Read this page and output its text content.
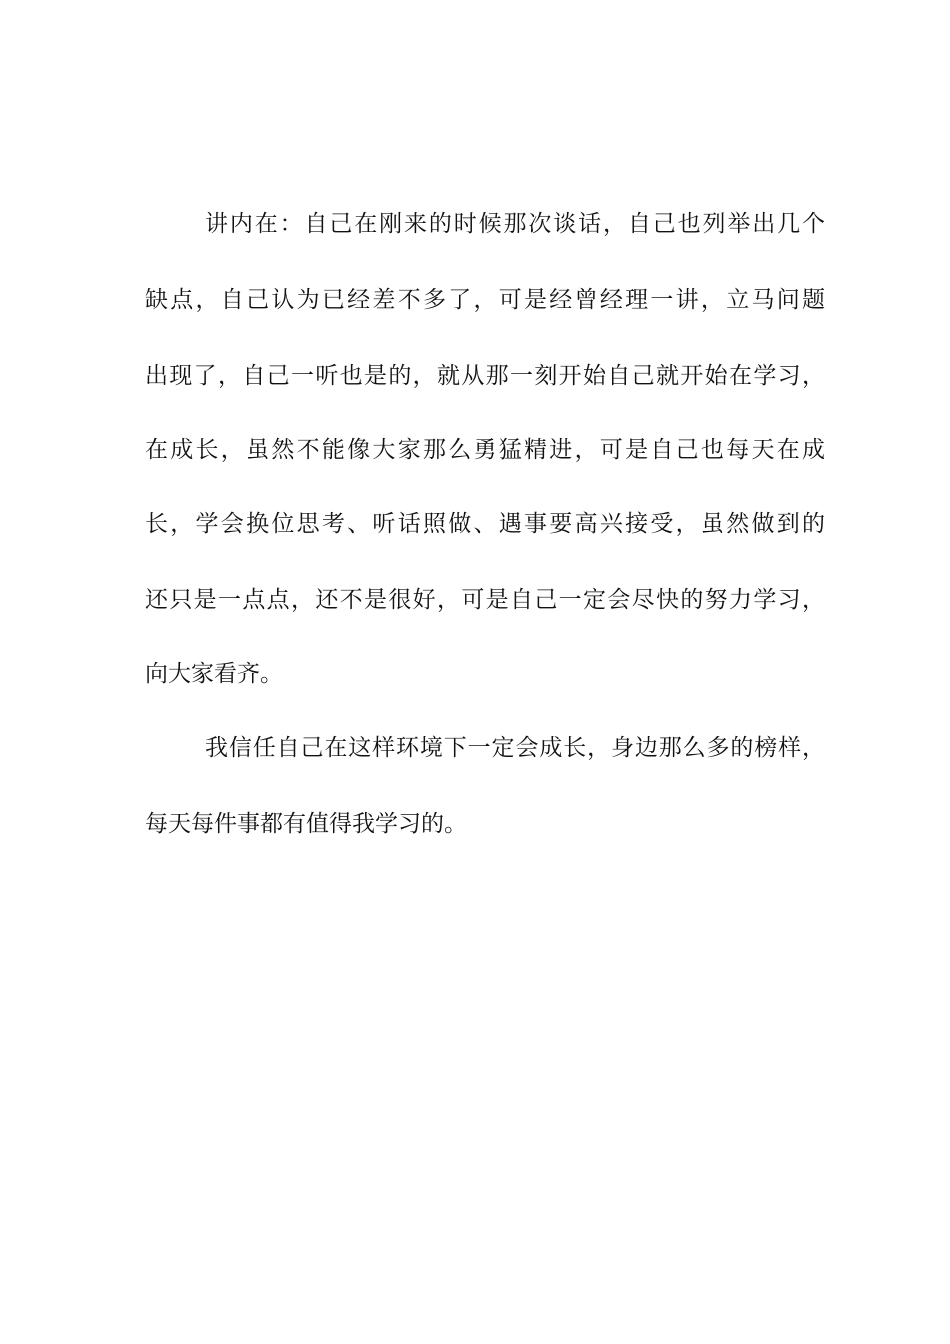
讲内在：自己在刚来的时候那次谈话，自己也列举出几个
缺点，自己认为已经差不多了，可是经曾经理一讲，立马问题
出现了，自己一听也是的，就从那一刻开始自己就开始在学习，
在成长，虽然不能像大家那么勇猛精进，可是自己也每天在成
长，学会换位思考、听话照做、遇事要高兴接受，虽然做到的
还只是一点点，还不是很好，可是自己一定会尽快的努力学习，
向大家看齐。
我信任自己在这样环境下一定会成长，身边那么多的榜样，
每天每件事都有值得我学习的。
